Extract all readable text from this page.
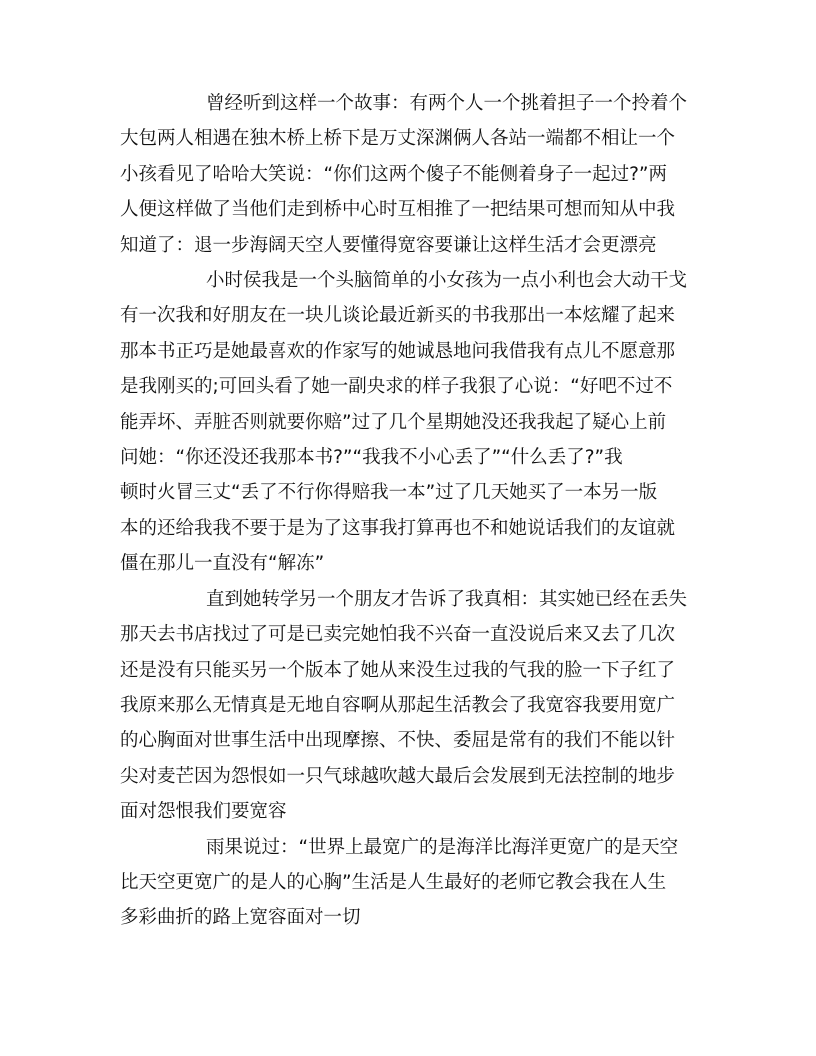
曾经听到这样一个故事：有两个人一个挑着担子一个拎着个
大包两人相遇在独木桥上桥下是万丈深渊俩人各站一端都不相让一个
小孩看见了哈哈大笑说：“你们这两个傻子不能侧着身子一起过?”两
人便这样做了当他们走到桥中心时互相推了一把结果可想而知从中我
知道了：退一步海阔天空人要懂得宽容要谦让这样生活才会更漂亮
小时侯我是一个头脑简单的小女孩为一点小利也会大动干戈
有一次我和好朋友在一块儿谈论最近新买的书我那出一本炫耀了起来
那本书正巧是她最喜欢的作家写的她诚恳地问我借我有点儿不愿意那
是我刚买的;可回头看了她一副央求的样子我狠了心说：“好吧不过不
能弄坏、弄脏否则就要你赔”过了几个星期她没还我我起了疑心上前
问她：“你还没还我那本书?”“我我不小心丢了”“什么丢了?”我
顿时火冒三丈“丢了不行你得赔我一本”过了几天她买了一本另一版
本的还给我我不要于是为了这事我打算再也不和她说话我们的友谊就
僵在那儿一直没有“解冻”
直到她转学另一个朋友才告诉了我真相：其实她已经在丢失
那天去书店找过了可是已卖完她怕我不兴奋一直没说后来又去了几次
还是没有只能买另一个版本了她从来没生过我的气我的脸一下子红了
我原来那么无情真是无地自容啊从那起生活教会了我宽容我要用宽广
的心胸面对世事生活中出现摩擦、不快、委屈是常有的我们不能以针
尖对麦芒因为怨恨如一只气球越吹越大最后会发展到无法控制的地步
面对怨恨我们要宽容
雨果说过：“世界上最宽广的是海洋比海洋更宽广的是天空
比天空更宽广的是人的心胸”生活是人生最好的老师它教会我在人生
多彩曲折的路上宽容面对一切
